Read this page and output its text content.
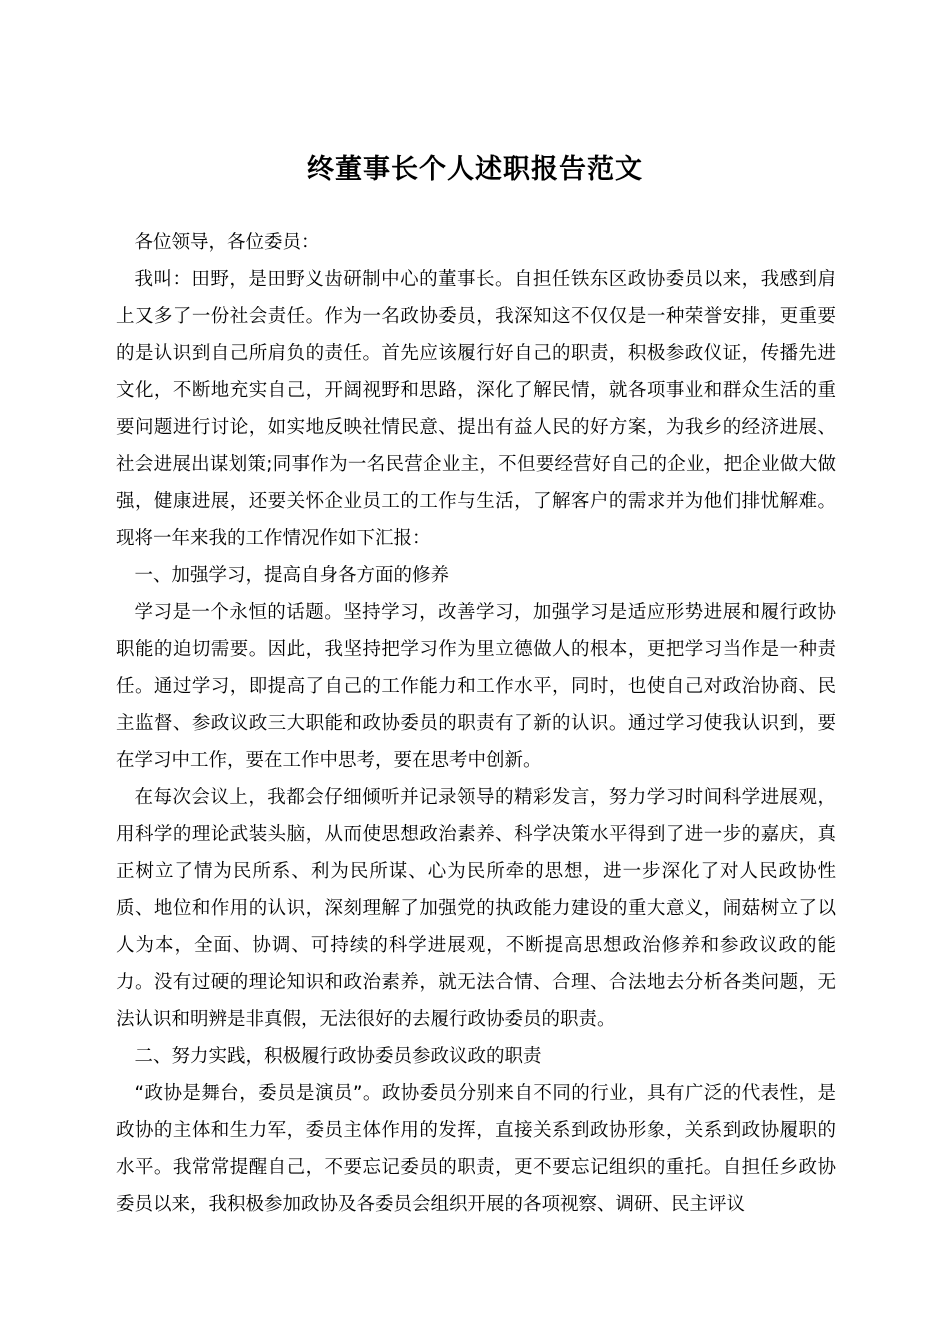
终董事长个人述职报告范文

各位领导，各位委员：

我叫：田野，是田野义齿研制中心的董事长。自担任铁东区政协委员以来，我感到肩上又多了一份社会责任。作为一名政协委员，我深知这不仅仅是一种荣誉安排，更重要的是认识到自己所肩负的责任。首先应该履行好自己的职责，积极参政仪证，传播先进文化，不断地充实自己，开阔视野和思路，深化了解民情，就各项事业和群众生活的重要问题进行讨论，如实地反映社情民意、提出有益人民的好方案，为我乡的经济进展、社会进展出谋划策;同事作为一名民营企业主，不但要经营好自己的企业，把企业做大做强，健康进展，还要关怀企业员工的工作与生活，了解客户的需求并为他们排忧解难。现将一年来我的工作情况作如下汇报：

一、加强学习，提高自身各方面的修养

学习是一个永恒的话题。坚持学习，改善学习，加强学习是适应形势进展和履行政协职能的迫切需要。因此，我坚持把学习作为里立德做人的根本，更把学习当作是一种责任。通过学习，即提高了自己的工作能力和工作水平，同时，也使自己对政治协商、民主监督、参政议政三大职能和政协委员的职责有了新的认识。通过学习使我认识到，要在学习中工作，要在工作中思考，要在思考中创新。

在每次会议上，我都会仔细倾听并记录领导的精彩发言，努力学习时间科学进展观，用科学的理论武装头脑，从而使思想政治素养、科学决策水平得到了进一步的嘉庆，真正树立了情为民所系、利为民所谋、心为民所牵的思想，进一步深化了对人民政协性质、地位和作用的认识，深刻理解了加强党的执政能力建设的重大意义，闹菇树立了以人为本，全面、协调、可持续的科学进展观，不断提高思想政治修养和参政议政的能力。没有过硬的理论知识和政治素养，就无法合情、合理、合法地去分析各类问题，无法认识和明辨是非真假，无法很好的去履行政协委员的职责。

二、努力实践，积极履行政协委员参政议政的职责

“政协是舞台，委员是演员”。政协委员分别来自不同的行业，具有广泛的代表性，是政协的主体和生力军，委员主体作用的发挥，直接关系到政协形象，关系到政协履职的水平。我常常提醒自己，不要忘记委员的职责，更不要忘记组织的重托。自担任乡政协委员以来，我积极参加政协及各委员会组织开展的各项视察、调研、民主评议
